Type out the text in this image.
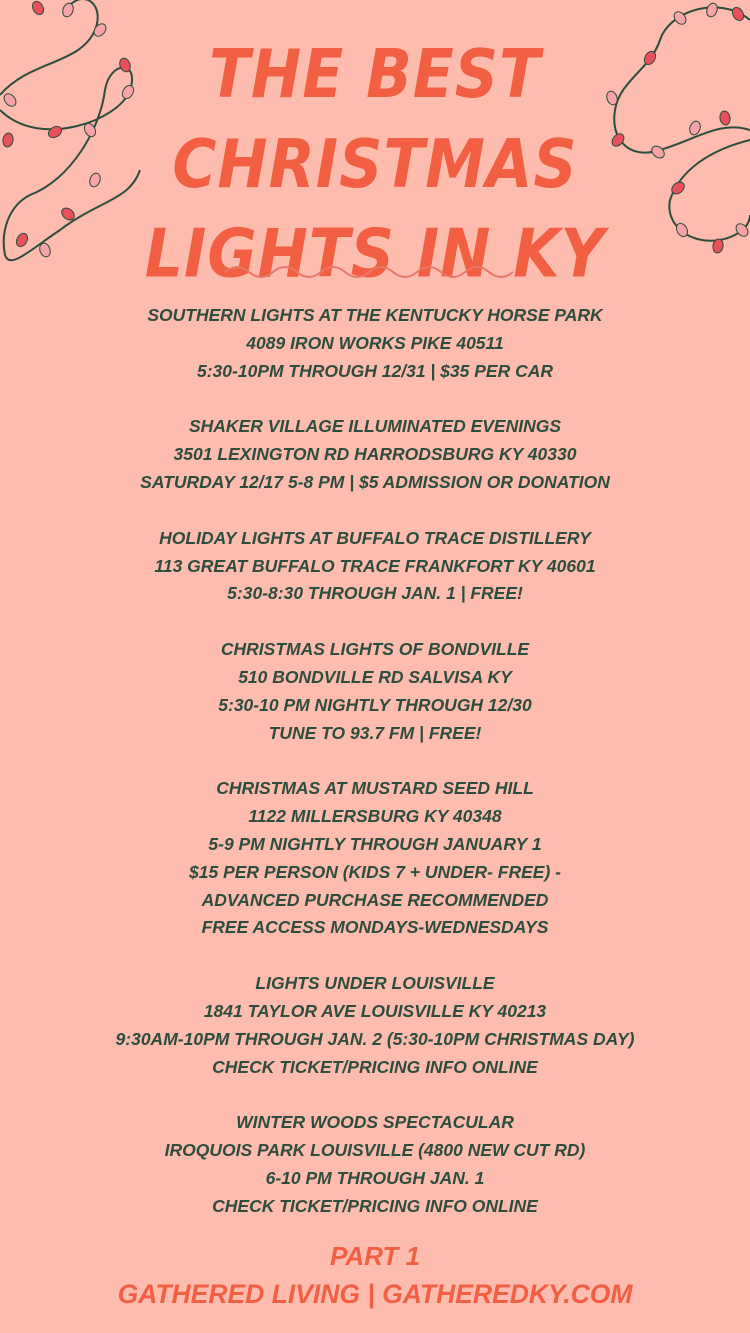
THE BEST
CHRISTMAS
LIGHTS IN KY
SOUTHERN LIGHTS AT THE KENTUCKY HORSE PARK
4089 IRON WORKS PIKE 40511
5:30-10PM THROUGH 12/31 | $35 PER CAR
SHAKER VILLAGE ILLUMINATED EVENINGS
3501 LEXINGTON RD HARRODSBURG KY 40330
SATURDAY 12/17 5-8 PM | $5 ADMISSION OR DONATION
HOLIDAY LIGHTS AT BUFFALO TRACE DISTILLERY
113 GREAT BUFFALO TRACE FRANKFORT KY 40601
5:30-8:30 THROUGH JAN. 1 | FREE!
CHRISTMAS LIGHTS OF BONDVILLE
510 BONDVILLE RD SALVISA KY
5:30-10 PM NIGHTLY THROUGH 12/30
TUNE TO 93.7 FM | FREE!
CHRISTMAS AT MUSTARD SEED HILL
1122 MILLERSBURG KY 40348
5-9 PM NIGHTLY THROUGH JANUARY 1
$15 PER PERSON (KIDS 7 + UNDER- FREE) -
ADVANCED PURCHASE RECOMMENDED
FREE ACCESS MONDAYS-WEDNESDAYS
LIGHTS UNDER LOUISVILLE
1841 TAYLOR AVE LOUISVILLE KY 40213
9:30AM-10PM THROUGH JAN. 2 (5:30-10PM CHRISTMAS DAY)
CHECK TICKET/PRICING INFO ONLINE
WINTER WOODS SPECTACULAR
IROQUOIS PARK LOUISVILLE (4800 NEW CUT RD)
6-10 PM THROUGH JAN. 1
CHECK TICKET/PRICING INFO ONLINE
PART 1
GATHERED LIVING | GATHEREDKY.COM
